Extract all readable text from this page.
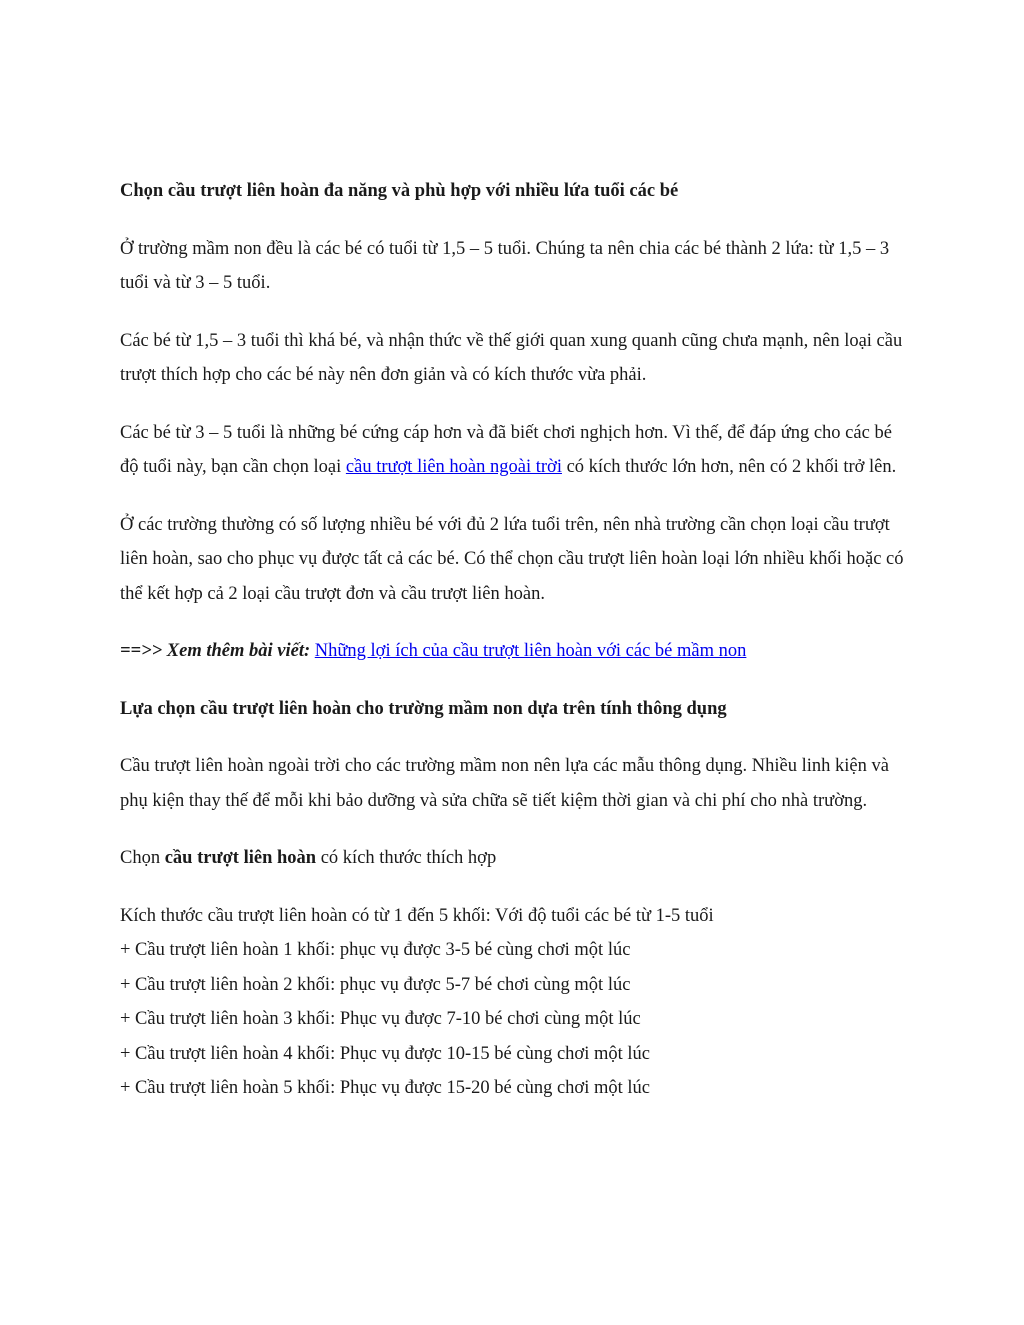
Chọn cầu trượt liên hoàn đa năng và phù hợp với nhiều lứa tuổi các bé

Ở trường mầm non đều là các bé có tuổi từ 1,5 – 5 tuổi. Chúng ta nên chia các bé thành 2 lứa: từ 1,5 – 3 tuổi và từ 3 – 5 tuổi.

Các bé từ 1,5 – 3 tuổi thì khá bé, và nhận thức về thế giới quan xung quanh cũng chưa mạnh, nên loại cầu trượt thích hợp cho các bé này nên đơn giản và có kích thước vừa phải.

Các bé từ 3 – 5 tuổi là những bé cứng cáp hơn và đã biết chơi nghịch hơn. Vì thế, để đáp ứng cho các bé độ tuổi này, bạn cần chọn loại cầu trượt liên hoàn ngoài trời có kích thước lớn hơn, nên có 2 khối trở lên.

Ở các trường thường có số lượng nhiều bé với đủ 2 lứa tuổi trên, nên nhà trường cần chọn loại cầu trượt liên hoàn, sao cho phục vụ được tất cả các bé. Có thể chọn cầu trượt liên hoàn loại lớn nhiều khối hoặc có thể kết hợp cả 2 loại cầu trượt đơn và cầu trượt liên hoàn.

==>> Xem thêm bài viết: Những lợi ích của cầu trượt liên hoàn với các bé mầm non

Lựa chọn cầu trượt liên hoàn cho trường mầm non dựa trên tính thông dụng

Cầu trượt liên hoàn ngoài trời cho các trường mầm non nên lựa các mẫu thông dụng. Nhiều linh kiện và phụ kiện thay thế để mỗi khi bảo dưỡng và sửa chữa sẽ tiết kiệm thời gian và chi phí cho nhà trường.

Chọn cầu trượt liên hoàn có kích thước thích hợp

Kích thước cầu trượt liên hoàn có từ 1 đến 5 khối: Với độ tuổi các bé từ 1-5 tuổi
+ Cầu trượt liên hoàn 1 khối: phục vụ được 3-5 bé cùng chơi một lúc
+ Cầu trượt liên hoàn 2 khối: phục vụ được 5-7 bé chơi cùng một lúc
+ Cầu trượt liên hoàn 3 khối: Phục vụ được 7-10 bé chơi cùng một lúc
+ Cầu trượt liên hoàn 4 khối: Phục vụ được 10-15 bé cùng chơi một lúc
+ Cầu trượt liên hoàn 5 khối: Phục vụ được 15-20 bé cùng chơi một lúc
